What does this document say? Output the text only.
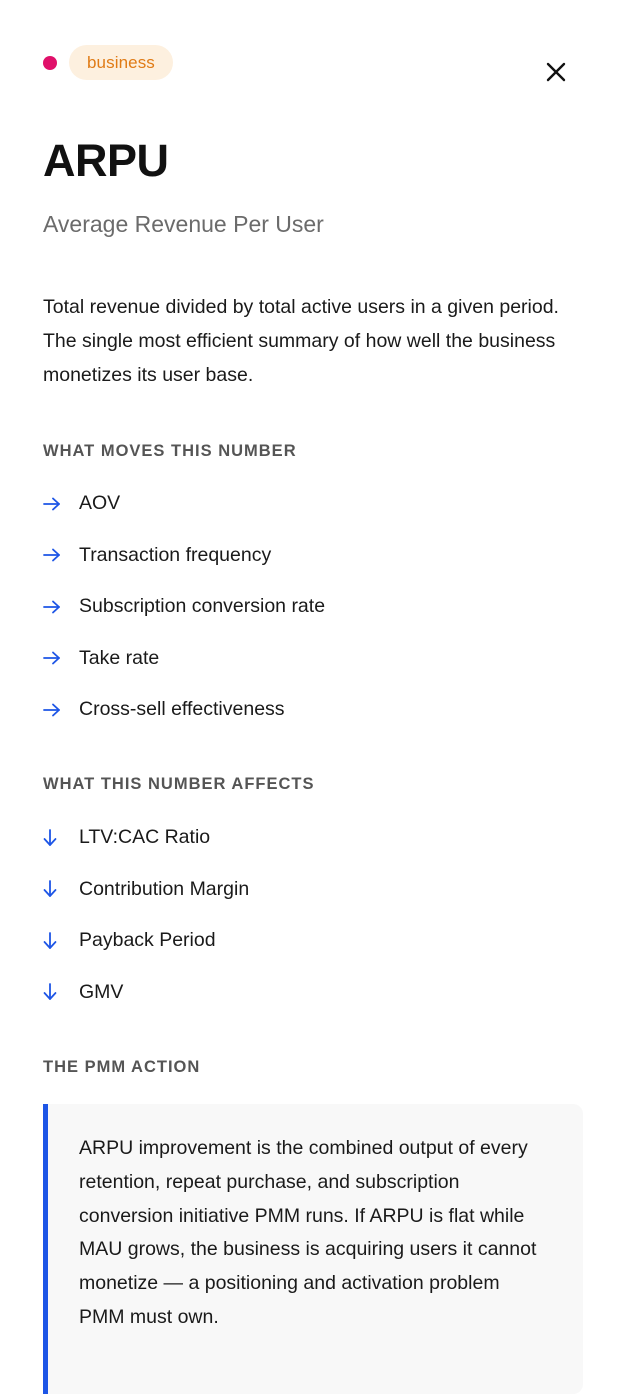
business
ARPU
Average Revenue Per User
Total revenue divided by total active users in a given period. The single most efficient summary of how well the business monetizes its user base.
WHAT MOVES THIS NUMBER
AOV
Transaction frequency
Subscription conversion rate
Take rate
Cross-sell effectiveness
WHAT THIS NUMBER AFFECTS
LTV:CAC Ratio
Contribution Margin
Payback Period
GMV
THE PMM ACTION
ARPU improvement is the combined output of every retention, repeat purchase, and subscription conversion initiative PMM runs. If ARPU is flat while MAU grows, the business is acquiring users it cannot monetize — a positioning and activation problem PMM must own.
